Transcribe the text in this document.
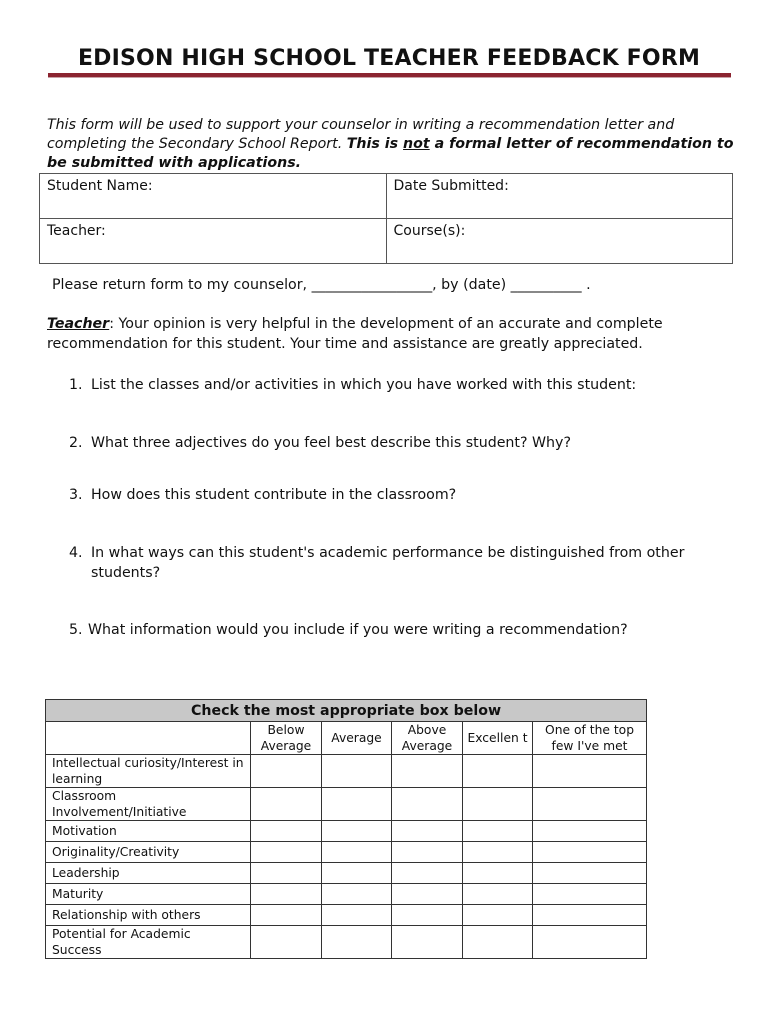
EDISON HIGH SCHOOL TEACHER FEEDBACK FORM
This form will be used to support your counselor in writing a recommendation letter and completing the Secondary School Report. This is not a formal letter of recommendation to be submitted with applications.
Student Name:	Date Submitted:
Teacher:	Course(s):
Please return form to my counselor, _________________, by (date) __________ .
Teacher: Your opinion is very helpful in the development of an accurate and complete recommendation for this student. Your time and assistance are greatly appreciated.
1. List the classes and/or activities in which you have worked with this student:
2. What three adjectives do you feel best describe this student? Why?
3. How does this student contribute in the classroom?
4. In what ways can this student's academic performance be distinguished from other students?
5. What information would you include if you were writing a recommendation?
Check the most appropriate box below					
	Below Average	Average	Above Average	Excellen t	One of the top few I've met
Intellectual curiosity/Interest in learning					
Classroom Involvement/Initiative					
Motivation					
Originality/Creativity					
Leadership					
Maturity					
Relationship with others					
Potential for Academic Success					
